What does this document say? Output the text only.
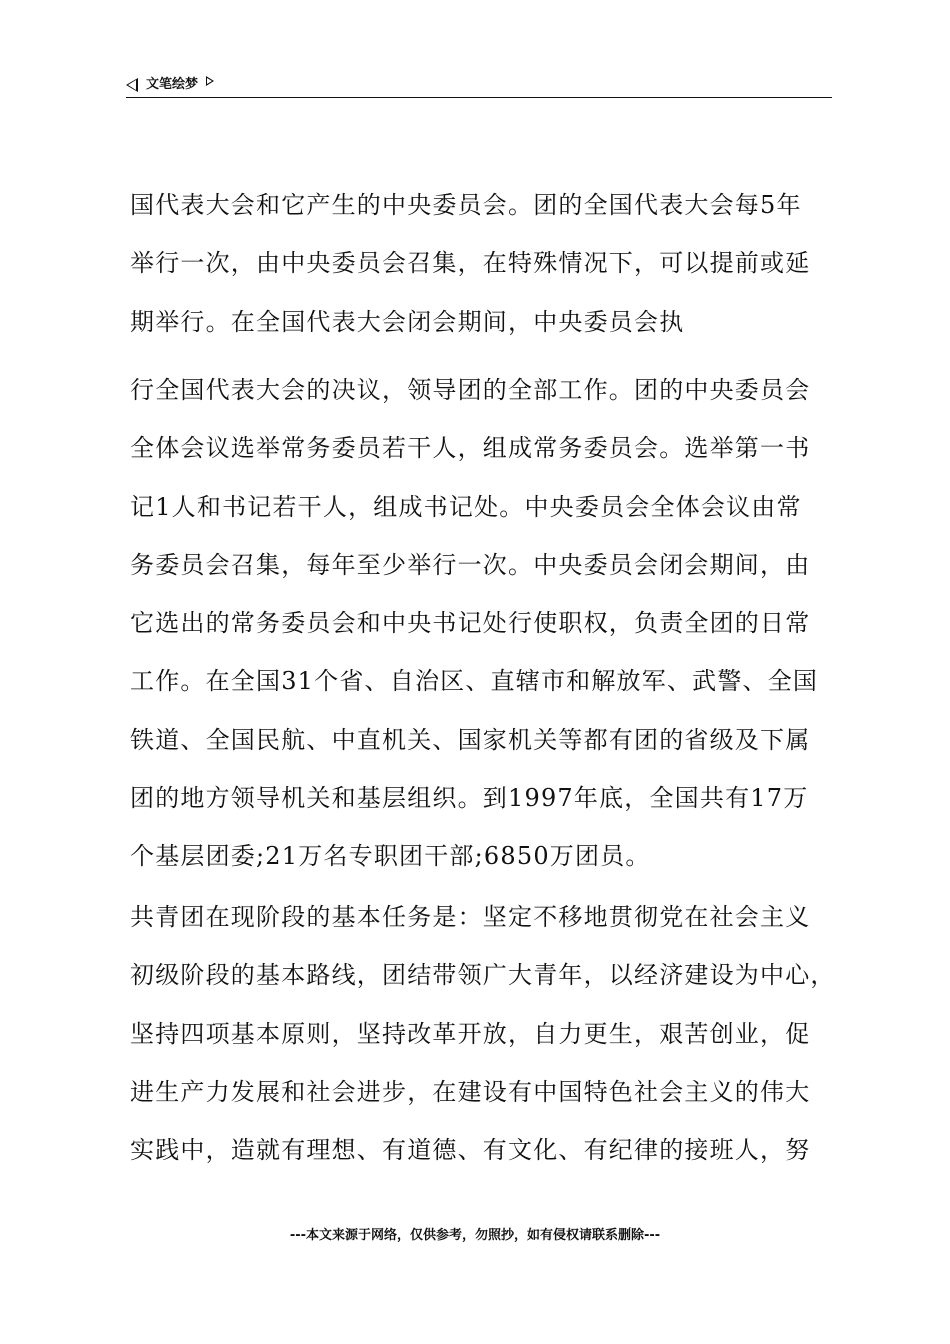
文笔绘梦

国代表大会和它产生的中央委员会。团的全国代表大会每5年
举行一次，由中央委员会召集，在特殊情况下，可以提前或延
期举行。在全国代表大会闭会期间，中央委员会执

行全国代表大会的决议，领导团的全部工作。团的中央委员会
全体会议选举常务委员若干人，组成常务委员会。选举第一书
记1人和书记若干人，组成书记处。中央委员会全体会议由常
务委员会召集，每年至少举行一次。中央委员会闭会期间，由
它选出的常务委员会和中央书记处行使职权，负责全团的日常
工作。在全国31个省、自治区、直辖市和解放军、武警、全国
铁道、全国民航、中直机关、国家机关等都有团的省级及下属
团的地方领导机关和基层组织。到1997年底，全国共有17万
个基层团委;21万名专职团干部;6850万团员。

共青团在现阶段的基本任务是：坚定不移地贯彻党在社会主义
初级阶段的基本路线，团结带领广大青年，以经济建设为中心，
坚持四项基本原则，坚持改革开放，自力更生，艰苦创业，促
进生产力发展和社会进步，在建设有中国特色社会主义的伟大
实践中，造就有理想、有道德、有文化、有纪律的接班人，努

---本文来源于网络，仅供参考，勿照抄，如有侵权请联系删除---
